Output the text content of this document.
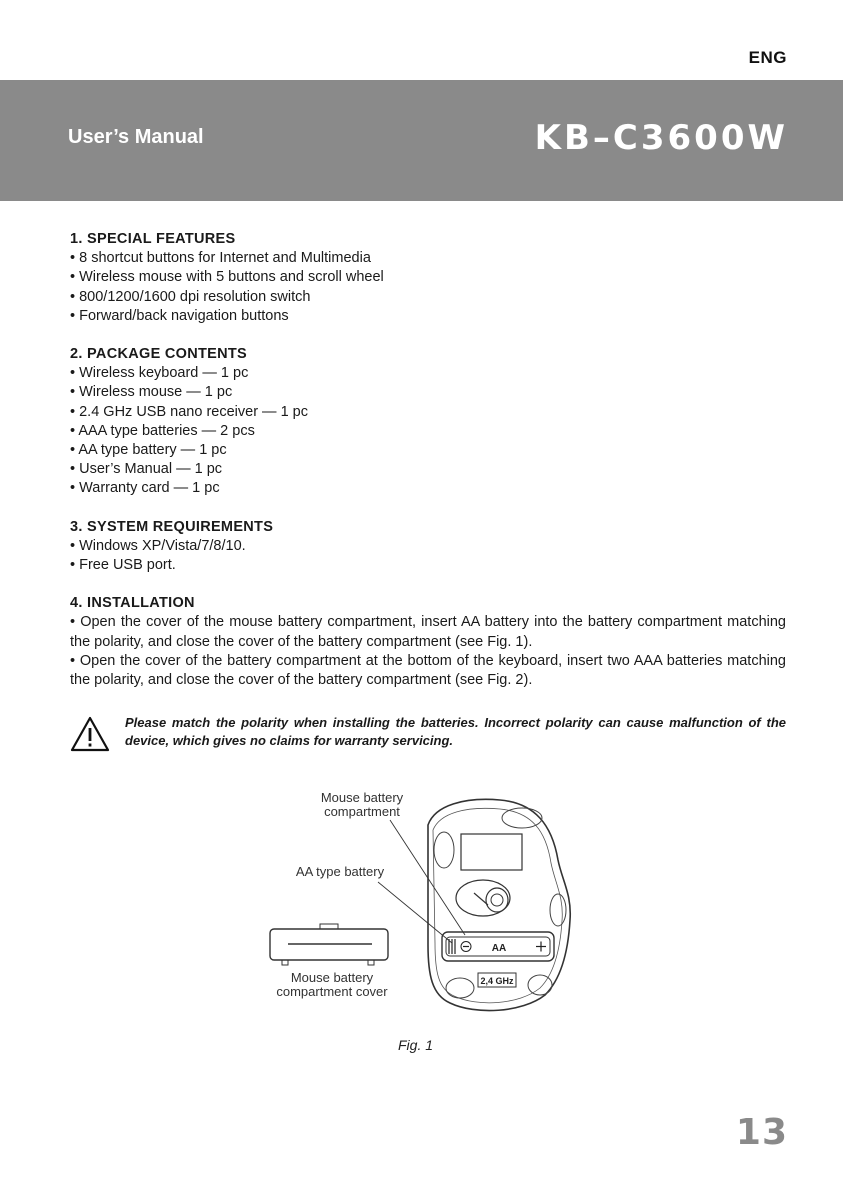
ENG
User’s Manual	KB–C3600W
1. SPECIAL FEATURES
• 8 shortcut buttons for Internet and Multimedia
• Wireless mouse with 5 buttons and scroll wheel
• 800/1200/1600 dpi resolution switch
• Forward/back navigation buttons
2. PACKAGE CONTENTS
• Wireless keyboard — 1 pc
• Wireless mouse — 1 pc
• 2.4 GHz USB nano receiver — 1 pc
• AAA type batteries — 2 pcs
• AA type battery — 1 pc
• User’s Manual — 1 pc
• Warranty card — 1 pc
3. SYSTEM REQUIREMENTS
• Windows XP/Vista/7/8/10.
• Free USB port.
4. INSTALLATION

• Open the cover of the mouse battery compartment, insert AA battery into the battery compartment matching the polarity, and close the cover of the battery compartment (see Fig. 1).

• Open the cover of the battery compartment at the bottom of the keyboard, insert two AAA batteries matching the polarity, and close the cover of the battery compartment (see Fig. 2).

Please match the polarity when installing the batteries. Incorrect polarity can cause malfunction of the device, which gives no claims for warranty servicing.
AA
2,4 GHz
Mouse battery compartment
AA type battery
Mouse battery compartment cover
Fig. 1
13
